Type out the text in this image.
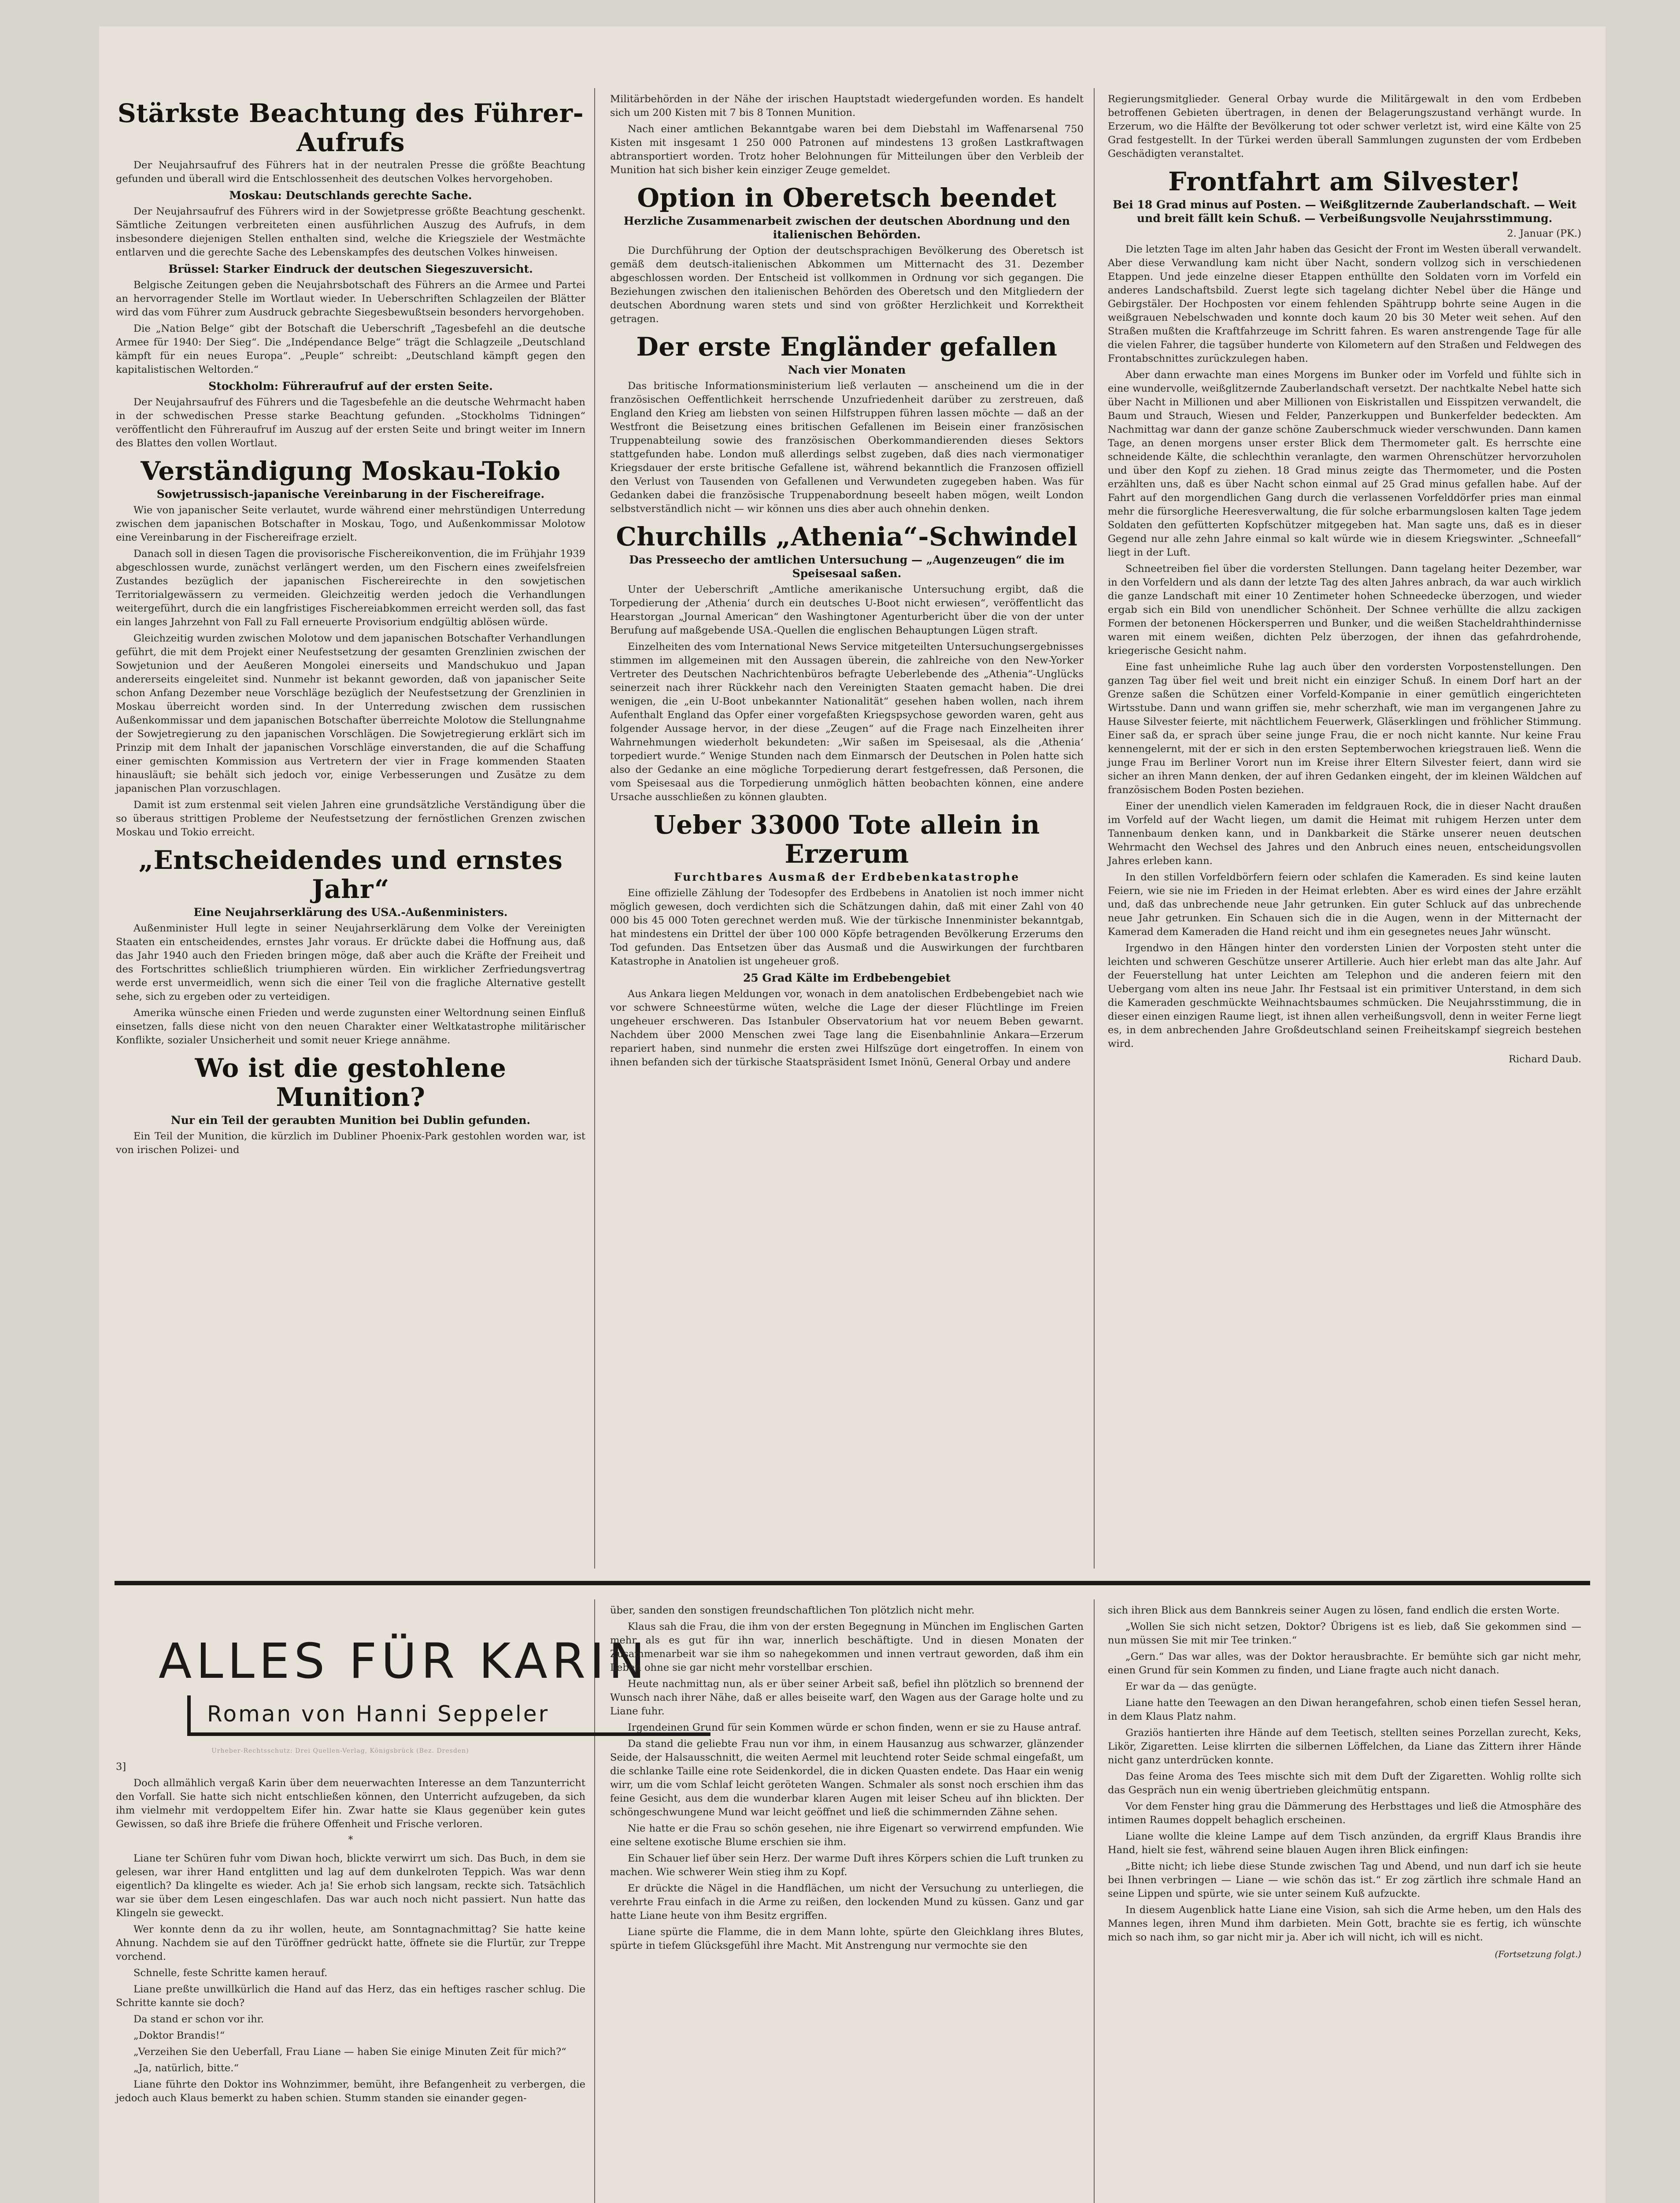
Stärkste Beachtung des Führer-Aufrufs

Der Neujahrsaufruf des Führers hat in der neutralen Presse die größte Beachtung gefunden und überall wird die Entschlossenheit des deutschen Volkes hervorgehoben.

Moskau: Deutschlands gerechte Sache.

Der Neujahrsaufruf des Führers wird in der Sowjetpresse größte Beachtung geschenkt. Sämtliche Zeitungen verbreiteten einen ausführlichen Auszug des Aufrufs, in dem insbesondere diejenigen Stellen enthalten sind, welche die Kriegsziele der Westmächte entlarven und die gerechte Sache des Lebenskampfes des deutschen Volkes hinweisen.

Brüssel: Starker Eindruck der deutschen Siegeszuversicht.

Belgische Zeitungen geben die Neujahrsbotschaft des Führers an die Armee und Partei an hervorragender Stelle im Wortlaut wieder. In Ueberschriften Schlagzeilen der Blätter wird das vom Führer zum Ausdruck gebrachte Siegesbewußtsein besonders hervorgehoben.

Die „Nation Belge“ gibt der Botschaft die Ueberschrift „Tagesbefehl an die deutsche Armee für 1940: Der Sieg“. Die „Indépendance Belge“ trägt die Schlagzeile „Deutschland kämpft für ein neues Europa“. „Peuple“ schreibt: „Deutschland kämpft gegen den kapitalistischen Weltorden.“

Stockholm: Führeraufruf auf der ersten Seite.

Der Neujahrsaufruf des Führers und die Tagesbefehle an die deutsche Wehrmacht haben in der schwedischen Presse starke Beachtung gefunden. „Stockholms Tidningen“ veröffentlicht den Führeraufruf im Auszug auf der ersten Seite und bringt weiter im Innern des Blattes den vollen Wortlaut.

Verständigung Moskau-Tokio
Sowjetrussisch-japanische Vereinbarung in der Fischereifrage.

Wie von japanischer Seite verlautet, wurde während einer mehrstündigen Unterredung zwischen dem japanischen Botschafter in Moskau, Togo, und Außenkommissar Molotow eine Vereinbarung in der Fischereifrage erzielt.

Danach soll in diesen Tagen die provisorische Fischereikonvention, die im Frühjahr 1939 abgeschlossen wurde, zunächst verlängert werden, um den Fischern eines zweifelsfreien Zustandes bezüglich der japanischen Fischereirechte in den sowjetischen Territorialgewässern zu vermeiden. Gleichzeitig werden jedoch die Verhandlungen weitergeführt, durch die ein langfristiges Fischereiabkommen erreicht werden soll, das fast ein langes Jahrzehnt von Fall zu Fall erneuerte Provisorium endgültig ablösen würde.

Gleichzeitig wurden zwischen Molotow und dem japanischen Botschafter Verhandlungen geführt, die mit dem Projekt einer Neufestsetzung der gesamten Grenzlinien zwischen der Sowjetunion und der Aeußeren Mongolei einerseits und Mandschukuo und Japan andererseits eingeleitet sind. Nunmehr ist bekannt geworden, daß von japanischer Seite schon Anfang Dezember neue Vorschläge bezüglich der Neufestsetzung der Grenzlinien in Moskau überreicht worden sind. In der Unterredung zwischen dem russischen Außenkommissar und dem japanischen Botschafter überreichte Molotow die Stellungnahme der Sowjetregierung zu den japanischen Vorschlägen. Die Sowjetregierung erklärt sich im Prinzip mit dem Inhalt der japanischen Vorschläge einverstanden, die auf die Schaffung einer gemischten Kommission aus Vertretern der vier in Frage kommenden Staaten hinausläuft; sie behält sich jedoch vor, einige Verbesserungen und Zusätze zu dem japanischen Plan vorzuschlagen.

Damit ist zum erstenmal seit vielen Jahren eine grundsätzliche Verständigung über die so überaus strittigen Probleme der Neufestsetzung der fernöstlichen Grenzen zwischen Moskau und Tokio erreicht.

„Entscheidendes und ernstes Jahr“
Eine Neujahrserklärung des USA.-Außenministers.

Außenminister Hull legte in seiner Neujahrserklärung dem Volke der Vereinigten Staaten ein entscheidendes, ernstes Jahr voraus. Er drückte dabei die Hoffnung aus, daß das Jahr 1940 auch den Frieden bringen möge, daß aber auch die Kräfte der Freiheit und des Fortschrittes schließlich triumphieren würden. Ein wirklicher Zerfriedungsvertrag werde erst unvermeidlich, wenn sich die einer Teil von die fragliche Alternative gestellt sehe, sich zu ergeben oder zu verteidigen.

Amerika wünsche einen Frieden und werde zugunsten einer Weltordnung seinen Einfluß einsetzen, falls diese nicht von den neuen Charakter einer Weltkatastrophe militärischer Konflikte, sozialer Unsicherheit und somit neuer Kriege annähme.

Wo ist die gestohlene Munition?
Nur ein Teil der geraubten Munition bei Dublin gefunden.

Ein Teil der Munition, die kürzlich im Dubliner Phoenix-Park gestohlen worden war, ist von irischen Polizei- und

Militärbehörden in der Nähe der irischen Hauptstadt wiedergefunden worden. Es handelt sich um 200 Kisten mit 7 bis 8 Tonnen Munition.

Nach einer amtlichen Bekanntgabe waren bei dem Diebstahl im Waffenarsenal 750 Kisten mit insgesamt 1 250 000 Patronen auf mindestens 13 großen Lastkraftwagen abtransportiert worden. Trotz hoher Belohnungen für Mitteilungen über den Verbleib der Munition hat sich bisher kein einziger Zeuge gemeldet.

Option in Oberetsch beendet
Herzliche Zusammenarbeit zwischen der deutschen Abordnung und den italienischen Behörden.

Die Durchführung der Option der deutschsprachigen Bevölkerung des Oberetsch ist gemäß dem deutsch-italienischen Abkommen um Mitternacht des 31. Dezember abgeschlossen worden. Der Entscheid ist vollkommen in Ordnung vor sich gegangen. Die Beziehungen zwischen den italienischen Behörden des Oberetsch und den Mitgliedern der deutschen Abordnung waren stets und sind von größter Herzlichkeit und Korrektheit getragen.

Der erste Engländer gefallen
Nach vier Monaten

Das britische Informationsministerium ließ verlauten — anscheinend um die in der französischen Oeffentlichkeit herrschende Unzufriedenheit darüber zu zerstreuen, daß England den Krieg am liebsten von seinen Hilfstruppen führen lassen möchte — daß an der Westfront die Beisetzung eines britischen Gefallenen im Beisein einer französischen Truppenabteilung sowie des französischen Oberkommandierenden dieses Sektors stattgefunden habe. London muß allerdings selbst zugeben, daß dies nach viermonatiger Kriegsdauer der erste britische Gefallene ist, während bekanntlich die Franzosen offiziell den Verlust von Tausenden von Gefallenen und Verwundeten zugegeben haben. Was für Gedanken dabei die französische Truppenabordnung beseelt haben mögen, weilt London selbstverständlich nicht — wir können uns dies aber auch ohnehin denken.

Churchills „Athenia“-Schwindel
Das Presseecho der amtlichen Untersuchung — „Augenzeugen“ die im Speisesaal saßen.

Unter der Ueberschrift „Amtliche amerikanische Untersuchung ergibt, daß die Torpedierung der ‚Athenia‘ durch ein deutsches U-Boot nicht erwiesen“, veröffentlicht das Hearstorgan „Journal American“ den Washingtoner Agenturbericht über die von der unter Berufung auf maßgebende USA.-Quellen die englischen Behauptungen Lügen straft.

Einzelheiten des vom International News Service mitgeteilten Untersuchungsergebnisses stimmen im allgemeinen mit den Aussagen überein, die zahlreiche von den New-Yorker Vertreter des Deutschen Nachrichtenbüros befragte Ueberlebende des „Athenia“-Unglücks seinerzeit nach ihrer Rückkehr nach den Vereinigten Staaten gemacht haben. Die drei wenigen, die „ein U-Boot unbekannter Nationalität“ gesehen haben wollen, nach ihrem Aufenthalt England das Opfer einer vorgefaßten Kriegspsychose geworden waren, geht aus folgender Aussage hervor, in der diese „Zeugen“ auf die Frage nach Einzelheiten ihrer Wahrnehmungen wiederholt bekundeten: „Wir saßen im Speisesaal, als die ‚Athenia‘ torpediert wurde.“ Wenige Stunden nach dem Einmarsch der Deutschen in Polen hatte sich also der Gedanke an eine mögliche Torpedierung derart festgefressen, daß Personen, die vom Speisesaal aus die Torpedierung unmöglich hätten beobachten können, eine andere Ursache ausschließen zu können glaubten.

Ueber 33000 Tote allein in Erzerum
Furchtbares Ausmaß der Erdbebenkatastrophe

Eine offizielle Zählung der Todesopfer des Erdbebens in Anatolien ist noch immer nicht möglich gewesen, doch verdichten sich die Schätzungen dahin, daß mit einer Zahl von 40 000 bis 45 000 Toten gerechnet werden muß. Wie der türkische Innenminister bekanntgab, hat mindestens ein Drittel der über 100 000 Köpfe betragenden Bevölkerung Erzerums den Tod gefunden. Das Entsetzen über das Ausmaß und die Auswirkungen der furchtbaren Katastrophe in Anatolien ist ungeheuer groß.

25 Grad Kälte im Erdbebengebiet

Aus Ankara liegen Meldungen vor, wonach in dem anatolischen Erdbebengebiet nach wie vor schwere Schneestürme wüten, welche die Lage der dieser Flüchtlinge im Freien ungeheuer erschweren. Das Istanbuler Observatorium hat vor neuem Beben gewarnt. Nachdem über 2000 Menschen zwei Tage lang die Eisenbahnlinie Ankara—Erzerum repariert haben, sind nunmehr die ersten zwei Hilfszüge dort eingetroffen. In einem von ihnen befanden sich der türkische Staatspräsident Ismet Inönü, General Orbay und andere

Regierungsmitglieder. General Orbay wurde die Militärgewalt in den vom Erdbeben betroffenen Gebieten übertragen, in denen der Belagerungszustand verhängt wurde. In Erzerum, wo die Hälfte der Bevölkerung tot oder schwer verletzt ist, wird eine Kälte von 25 Grad festgestellt. In der Türkei werden überall Sammlungen zugunsten der vom Erdbeben Geschädigten veranstaltet.

Frontfahrt am Silvester!
Bei 18 Grad minus auf Posten. — Weißglitzernde Zauberlandschaft. — Weit und breit fällt kein Schuß. — Verbeißungsvolle Neujahrsstimmung.
2. Januar (PK.)

Die letzten Tage im alten Jahr haben das Gesicht der Front im Westen überall verwandelt. Aber diese Verwandlung kam nicht über Nacht, sondern vollzog sich in verschiedenen Etappen. Und jede einzelne dieser Etappen enthüllte den Soldaten vorn im Vorfeld ein anderes Landschaftsbild. Zuerst legte sich tagelang dichter Nebel über die Hänge und Gebirgstäler. Der Hochposten vor einem fehlenden Spähtrupp bohrte seine Augen in die weißgrauen Nebelschwaden und konnte doch kaum 20 bis 30 Meter weit sehen. Auf den Straßen mußten die Kraftfahrzeuge im Schritt fahren. Es waren anstrengende Tage für alle die vielen Fahrer, die tagsüber hunderte von Kilometern auf den Straßen und Feldwegen des Frontabschnittes zurückzulegen haben.

Aber dann erwachte man eines Morgens im Bunker oder im Vorfeld und fühlte sich in eine wundervolle, weißglitzernde Zauberlandschaft versetzt. Der nachtkalte Nebel hatte sich über Nacht in Millionen und aber Millionen von Eiskristallen und Eisspitzen verwandelt, die Baum und Strauch, Wiesen und Felder, Panzerkuppen und Bunkerfelder bedeckten. Am Nachmittag war dann der ganze schöne Zauberschmuck wieder verschwunden. Dann kamen Tage, an denen morgens unser erster Blick dem Thermometer galt. Es herrschte eine schneidende Kälte, die schlechthin veranlagte, den warmen Ohrenschützer hervorzuholen und über den Kopf zu ziehen. 18 Grad minus zeigte das Thermometer, und die Posten erzählten uns, daß es über Nacht schon einmal auf 25 Grad minus gefallen habe. Auf der Fahrt auf den morgendlichen Gang durch die verlassenen Vorfelddörfer pries man einmal mehr die fürsorgliche Heeresverwaltung, die für solche erbarmungslosen kalten Tage jedem Soldaten den gefütterten Kopfschützer mitgegeben hat. Man sagte uns, daß es in dieser Gegend nur alle zehn Jahre einmal so kalt würde wie in diesem Kriegswinter. „Schneefall“ liegt in der Luft.

Schneetreiben fiel über die vordersten Stellungen. Dann tagelang heiter Dezember, war in den Vorfeldern und als dann der letzte Tag des alten Jahres anbrach, da war auch wirklich die ganze Landschaft mit einer 10 Zentimeter hohen Schneedecke überzogen, und wieder ergab sich ein Bild von unendlicher Schönheit. Der Schnee verhüllte die allzu zackigen Formen der betonenen Höckersperren und Bunker, und die weißen Stacheldrahthindernisse waren mit einem weißen, dichten Pelz überzogen, der ihnen das gefahrdrohende, kriegerische Gesicht nahm.

Eine fast unheimliche Ruhe lag auch über den vordersten Vorpostenstellungen. Den ganzen Tag über fiel weit und breit nicht ein einziger Schuß. In einem Dorf hart an der Grenze saßen die Schützen einer Vorfeld-Kompanie in einer gemütlich eingerichteten Wirtsstube. Dann und wann griffen sie, mehr scherzhaft, wie man im vergangenen Jahre zu Hause Silvester feierte, mit nächtlichem Feuerwerk, Gläserklingen und fröhlicher Stimmung. Einer saß da, er sprach über seine junge Frau, die er noch nicht kannte. Nur keine Frau kennengelernt, mit der er sich in den ersten Septemberwochen kriegstrauen ließ. Wenn die junge Frau im Berliner Vorort nun im Kreise ihrer Eltern Silvester feiert, dann wird sie sicher an ihren Mann denken, der auf ihren Gedanken eingeht, der im kleinen Wäldchen auf französischem Boden Posten beziehen.

Einer der unendlich vielen Kameraden im feldgrauen Rock, die in dieser Nacht draußen im Vorfeld auf der Wacht liegen, um damit die Heimat mit ruhigem Herzen unter dem Tannenbaum denken kann, und in Dankbarkeit die Stärke unserer neuen deutschen Wehrmacht den Wechsel des Jahres und den Anbruch eines neuen, entscheidungsvollen Jahres erleben kann.

In den stillen Vorfeldbörfern feiern oder schlafen die Kameraden. Es sind keine lauten Feiern, wie sie nie im Frieden in der Heimat erlebten. Aber es wird eines der Jahre erzählt und, daß das unbrechende neue Jahr getrunken. Ein guter Schluck auf das unbrechende neue Jahr getrunken. Ein Schauen sich die in die Augen, wenn in der Mitternacht der Kamerad dem Kameraden die Hand reicht und ihm ein gesegnetes neues Jahr wünscht.

Irgendwo in den Hängen hinter den vordersten Linien der Vorposten steht unter die leichten und schweren Geschütze unserer Artillerie. Auch hier erlebt man das alte Jahr. Auf der Feuerstellung hat unter Leichten am Telephon und die anderen feiern mit den Uebergang vom alten ins neue Jahr. Ihr Festsaal ist ein primitiver Unterstand, in dem sich die Kameraden geschmückte Weihnachtsbaumes schmücken. Die Neujahrsstimmung, die in dieser einen einzigen Raume liegt, ist ihnen allen verheißungsvoll, denn in weiter Ferne liegt es, in dem anbrechenden Jahre Großdeutschland seinen Freiheitskampf siegreich bestehen wird.

Richard Daub.
ALLES FÜR KARIN
Roman von Hanni Seppeler
Urheber-Rechtsschutz: Drei Quellen-Verlag, Königsbrück (Bez. Dresden)

3]

Doch allmählich vergaß Karin über dem neuerwachten Interesse an dem Tanzunterricht den Vorfall. Sie hatte sich nicht entschließen können, den Unterricht aufzugeben, da sich ihm vielmehr mit verdoppeltem Eifer hin. Zwar hatte sie Klaus gegenüber kein gutes Gewissen, so daß ihre Briefe die frühere Offenheit und Frische verloren.

*

Liane ter Schüren fuhr vom Diwan hoch, blickte verwirrt um sich. Das Buch, in dem sie gelesen, war ihrer Hand entglitten und lag auf dem dunkelroten Teppich. Was war denn eigentlich? Da klingelte es wieder. Ach ja! Sie erhob sich langsam, reckte sich. Tatsächlich war sie über dem Lesen eingeschlafen. Das war auch noch nicht passiert. Nun hatte das Klingeln sie geweckt.

Wer konnte denn da zu ihr wollen, heute, am Sonntagnachmittag? Sie hatte keine Ahnung. Nachdem sie auf den Türöffner gedrückt hatte, öffnete sie die Flurtür, zur Treppe vorchend.

Schnelle, feste Schritte kamen herauf.

Liane preßte unwillkürlich die Hand auf das Herz, das ein heftiges rascher schlug. Die Schritte kannte sie doch?

Da stand er schon vor ihr.

„Doktor Brandis!“

„Verzeihen Sie den Ueberfall, Frau Liane — haben Sie einige Minuten Zeit für mich?“

„Ja, natürlich, bitte.“

Liane führte den Doktor ins Wohnzimmer, bemüht, ihre Befangenheit zu verbergen, die jedoch auch Klaus bemerkt zu haben schien. Stumm standen sie einander gegen-

über, sanden den sonstigen freundschaftlichen Ton plötzlich nicht mehr.

Klaus sah die Frau, die ihm von der ersten Begegnung in München im Englischen Garten mehr als es gut für ihn war, innerlich beschäftigte. Und in diesen Monaten der Zusammenarbeit war sie ihm so nahegekommen und innen vertraut geworden, daß ihm ein Leben ohne sie gar nicht mehr vorstellbar erschien.

Heute nachmittag nun, als er über seiner Arbeit saß, befiel ihn plötzlich so brennend der Wunsch nach ihrer Nähe, daß er alles beiseite warf, den Wagen aus der Garage holte und zu Liane fuhr.

Irgendeinen Grund für sein Kommen würde er schon finden, wenn er sie zu Hause antraf.

Da stand die geliebte Frau nun vor ihm, in einem Hausanzug aus schwarzer, glänzender Seide, der Halsausschnitt, die weiten Aermel mit leuchtend roter Seide schmal eingefaßt, um die schlanke Taille eine rote Seidenkordel, die in dicken Quasten endete. Das Haar ein wenig wirr, um die vom Schlaf leicht geröteten Wangen. Schmaler als sonst noch erschien ihm das feine Gesicht, aus dem die wunderbar klaren Augen mit leiser Scheu auf ihn blickten. Der schöngeschwungene Mund war leicht geöffnet und ließ die schimmernden Zähne sehen.

Nie hatte er die Frau so schön gesehen, nie ihre Eigenart so verwirrend empfunden. Wie eine seltene exotische Blume erschien sie ihm.

Ein Schauer lief über sein Herz. Der warme Duft ihres Körpers schien die Luft trunken zu machen. Wie schwerer Wein stieg ihm zu Kopf.

Er drückte die Nägel in die Handflächen, um nicht der Versuchung zu unterliegen, die verehrte Frau einfach in die Arme zu reißen, den lockenden Mund zu küssen. Ganz und gar hatte Liane heute von ihm Besitz ergriffen.

Liane spürte die Flamme, die in dem Mann lohte, spürte den Gleichklang ihres Blutes, spürte in tiefem Glücksgefühl ihre Macht. Mit Anstrengung nur vermochte sie den

sich ihren Blick aus dem Bannkreis seiner Augen zu lösen, fand endlich die ersten Worte.

„Wollen Sie sich nicht setzen, Doktor? Übrigens ist es lieb, daß Sie gekommen sind — nun müssen Sie mit mir Tee trinken.“

„Gern.“ Das war alles, was der Doktor herausbrachte. Er bemühte sich gar nicht mehr, einen Grund für sein Kommen zu finden, und Liane fragte auch nicht danach.

Er war da — das genügte.

Liane hatte den Teewagen an den Diwan herangefahren, schob einen tiefen Sessel heran, in dem Klaus Platz nahm.

Graziös hantierten ihre Hände auf dem Teetisch, stellten seines Porzellan zurecht, Keks, Likör, Zigaretten. Leise klirrten die silbernen Löffelchen, da Liane das Zittern ihrer Hände nicht ganz unterdrücken konnte.

Das feine Aroma des Tees mischte sich mit dem Duft der Zigaretten. Wohlig rollte sich das Gespräch nun ein wenig übertrieben gleichmütig entspann.

Vor dem Fenster hing grau die Dämmerung des Herbsttages und ließ die Atmosphäre des intimen Raumes doppelt behaglich erscheinen.

Liane wollte die kleine Lampe auf dem Tisch anzünden, da ergriff Klaus Brandis ihre Hand, hielt sie fest, während seine blauen Augen ihren Blick einfingen:

„Bitte nicht; ich liebe diese Stunde zwischen Tag und Abend, und nun darf ich sie heute bei Ihnen verbringen — Liane — wie schön das ist.“ Er zog zärtlich ihre schmale Hand an seine Lippen und spürte, wie sie unter seinem Kuß aufzuckte.

In diesem Augenblick hatte Liane eine Vision, sah sich die Arme heben, um den Hals des Mannes legen, ihren Mund ihm darbieten. Mein Gott, brachte sie es fertig, ich wünschte mich so nach ihm, so gar nicht mir ja. Aber ich will nicht, ich will es nicht.

(Fortsetzung folgt.)
